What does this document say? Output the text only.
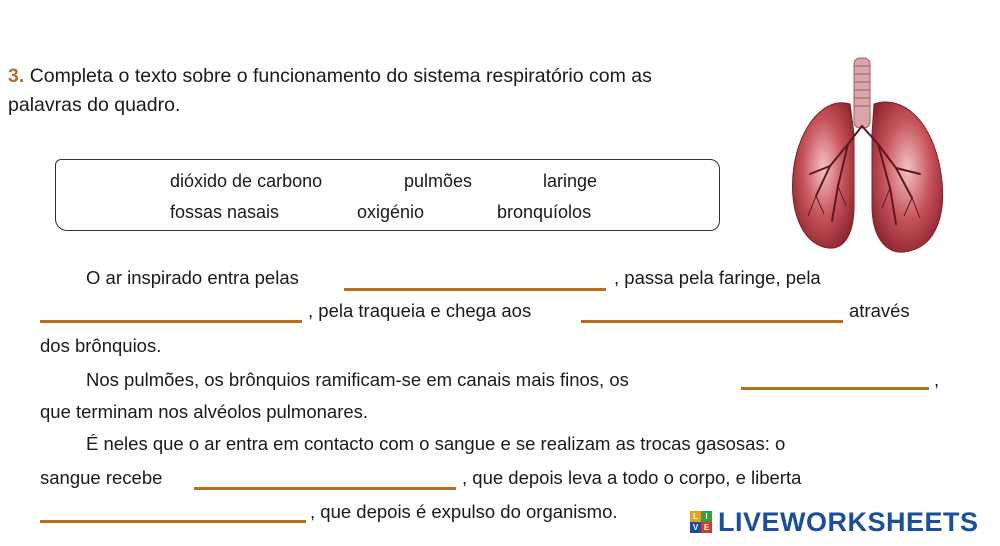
3. Completa o texto sobre o funcionamento do sistema respiratório com as
palavras do quadro.
dióxido de carbono	pulmões	laringe
fossas nasais	oxigénio	bronquíolos
O ar inspirado entra pelas	, passa pela faringe, pela
, pela traqueia e chega aos	através
dos brônquios.
Nos pulmões, os brônquios ramificam-se em canais mais finos, os	,
que terminam nos alvéolos pulmonares.
É neles que o ar entra em contacto com o sangue e se realizam as trocas gasosas: o
sangue recebe	, que depois leva a todo o corpo, e liberta
, que depois é expulso do organismo.	L I
V E LIVEWORKSHEETS
